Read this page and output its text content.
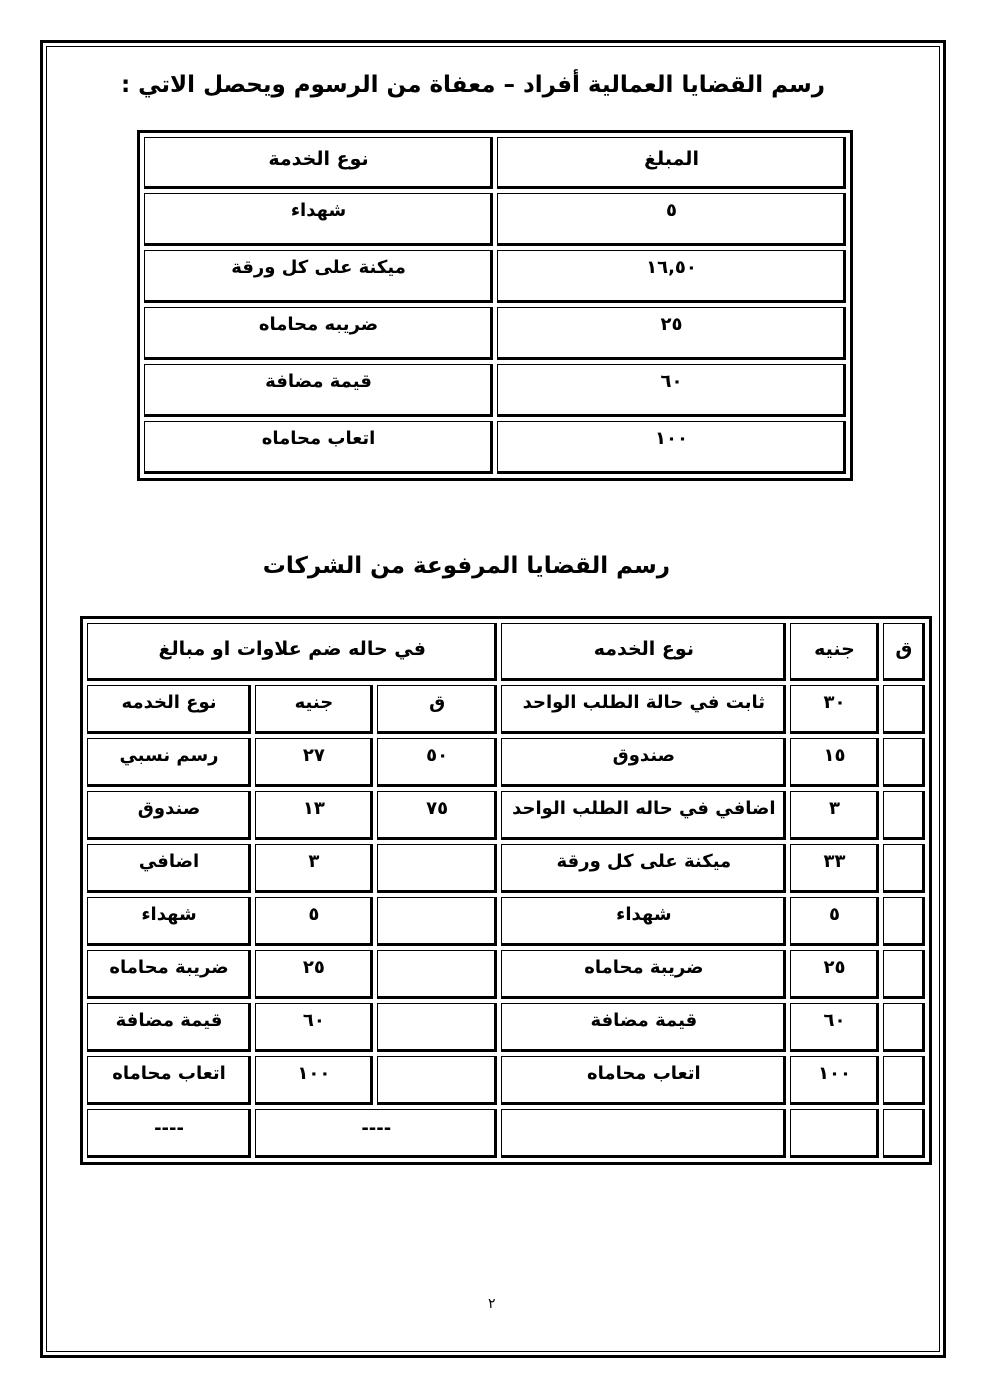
رسم القضايا العمالية أفراد – معفاة من الرسوم ويحصل الاتي :
المبلغ	نوع الخدمة
٥	شهداء
١٦,٥٠	ميكنة على كل ورقة
٢٥	ضريبه محاماه
٦٠	قيمة مضافة
١٠٠	اتعاب محاماه
رسم القضايا المرفوعة من الشركات
ق	جنيه	نوع الخدمه	في حاله ضم علاوات او مبالغ		
	٣٠	ثابت في حالة الطلب الواحد	ق	جنيه	نوع الخدمه
	١٥	صندوق	٥٠	٢٧	رسم نسبي
	٣	اضافي في حاله الطلب الواحد	٧٥	١٣	صندوق
	٣٣	ميكنة على كل ورقة		٣	اضافي
	٥	شهداء		٥	شهداء
	٢٥	ضريبة محاماه		٢٥	ضريبة محاماه
	٦٠	قيمة مضافة		٦٠	قيمة مضافة
	١٠٠	اتعاب محاماه		١٠٠	اتعاب محاماه
			----		----
٢
